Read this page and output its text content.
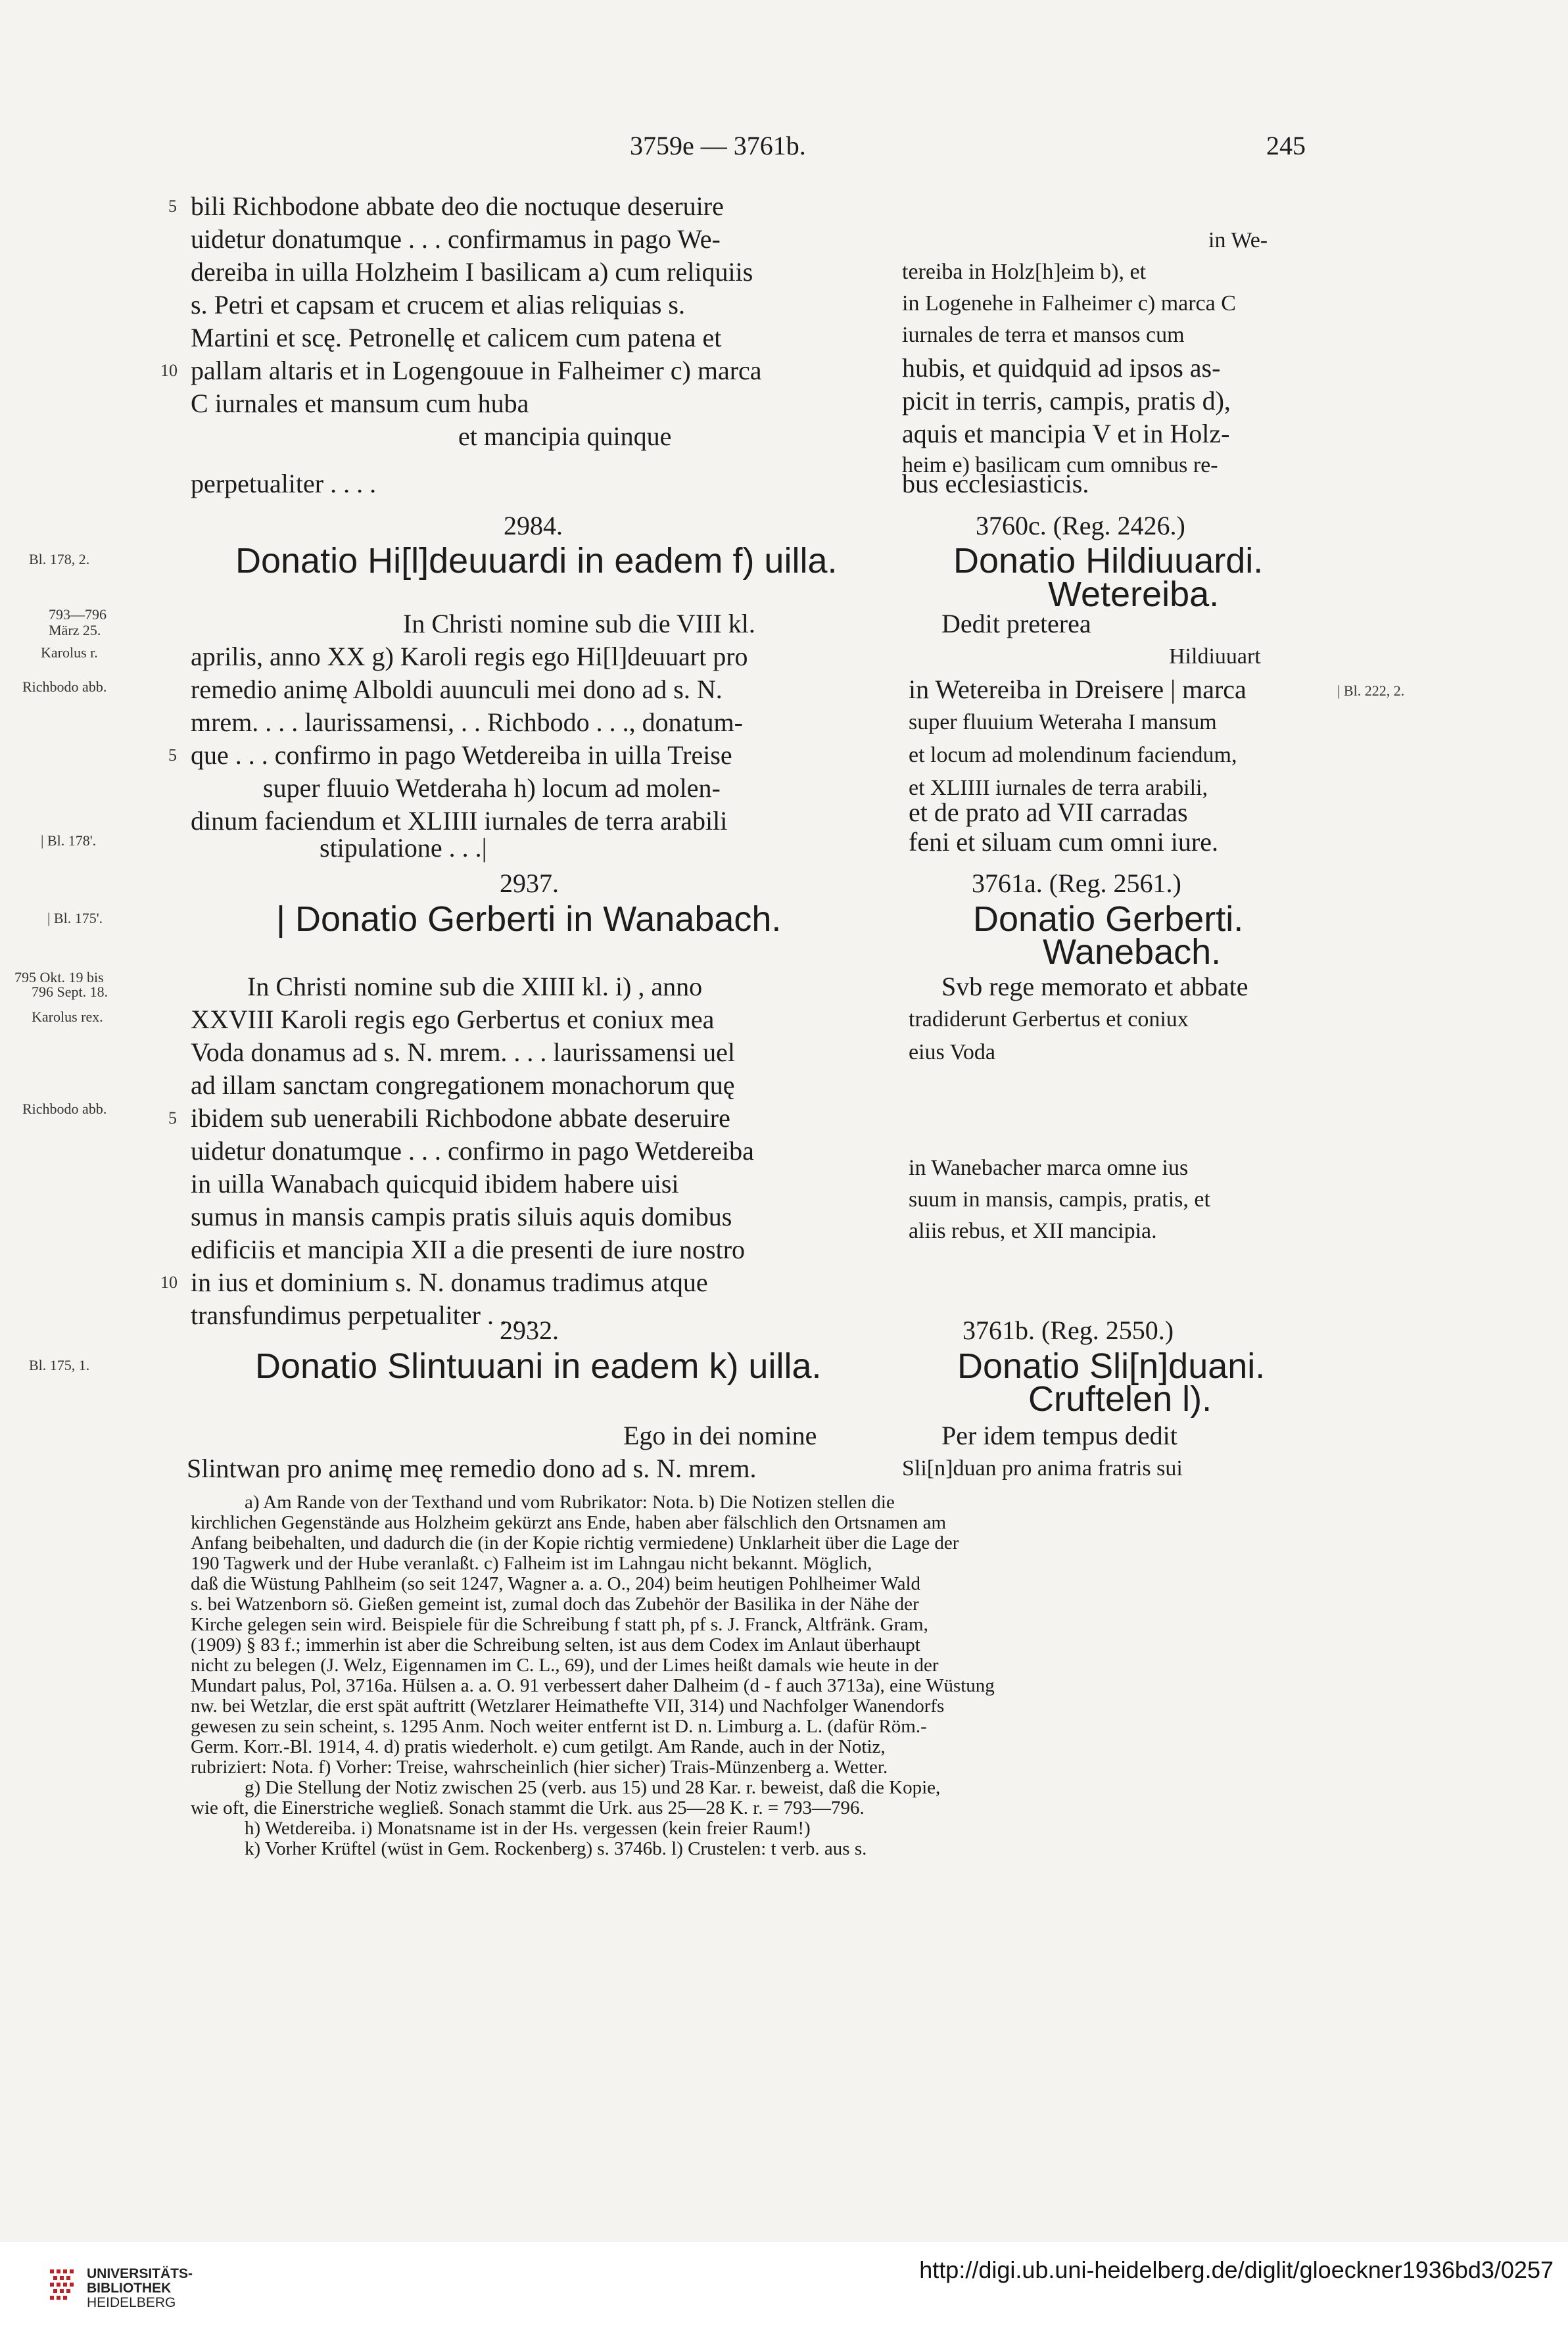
3759e — 3761b.	245
5 bili Richbodone abbate deo die noctuque deseruire
uidetur donatumque . . . confirmamus in pago We-
dereiba in uilla Holzheim I basilicam a) cum reliquiis
s. Petri et capsam et crucem et alias reliquias s.
Martini et scę. Petronellę et calicem cum patena et
10 pallam altaris et in Logengouue in Falheimer c) marca
C iurnales et mansum cum huba
et mancipia quinque
perpetualiter . . . .
2984.
Donatio Hi[l]deuuardi in eadem f) uilla.
Bl. 178, 2.
793—796
März 25.
Karolus r.
Richbodo abb.
| Bl. 178'.
In Christi nomine sub die VIII kl.
aprilis, anno XX g) Karoli regis ego Hi[l]deuuart pro
remedio animę Alboldi auunculi mei dono ad s. N.
mrem. . . . laurissamensi, . . Richbodo . . ., donatum-
5 que . . . confirmo in pago Wetdereiba in uilla Treise
super fluuio Wetderaha h) locum ad molen-
dinum faciendum et XLIIII iurnales de terra arabili
stipulatione . . .|
2937.
| Donatio Gerberti in Wanabach.
| Bl. 175'.
795 Okt. 19 bis
796 Sept. 18.
Karolus rex.
Richbodo abb.
In Christi nomine sub die XIIII kl. i) , anno
XXVIII Karoli regis ego Gerbertus et coniux mea
Voda donamus ad s. N. mrem. . . . laurissamensi uel
ad illam sanctam congregationem monachorum quę
5 ibidem sub uenerabili Richbodone abbate deseruire
uidetur donatumque . . . confirmo in pago Wetdereiba
in uilla Wanabach quicquid ibidem habere uisi
sumus in mansis campis pratis siluis aquis domibus
edificiis et mancipia XII a die presenti de iure nostro
10 in ius et dominium s. N. donamus tradimus atque
transfundimus perpetualiter . . . .
2932.
Donatio Slintuuani in eadem k) uilla.
Bl. 175, 1.
Ego in dei nomine
Slintwan pro animę meę remedio dono ad s. N. mrem.
in We-
tereiba in Holz[h]eim b), et
in Logenehe in Falheimer c) marca C
iurnales de terra et mansos cum
hubis, et quidquid ad ipsos as-
picit in terris, campis, pratis d),
aquis et mancipia V et in Holz-
heim e) basilicam cum omnibus re-
bus ecclesiasticis.
3760c. (Reg. 2426.)
Donatio Hildiuuardi.
Wetereiba.
| Bl. 222, 2.
Dedit preterea
Hildiuuart
in Wetereiba in Dreisere | marca
super fluuium Weteraha I mansum
et locum ad molendinum faciendum,
et XLIIII iurnales de terra arabili,
et de prato ad VII carradas
feni et siluam cum omni iure.
3761a. (Reg. 2561.)
Donatio Gerberti.
Wanebach.
Svb rege memorato et abbate
tradiderunt Gerbertus et coniux
eius Voda
in Wanebacher marca omne ius
suum in mansis, campis, pratis, et
aliis rebus, et XII mancipia.
3761b. (Reg. 2550.)
Donatio Sli[n]duani.
Cruftelen l).
Per idem tempus dedit
Sli[n]duan pro anima fratris sui
a) Am Rande von der Texthand und vom Rubrikator: Nota. b) Die Notizen stellen die
kirchlichen Gegenstände aus Holzheim gekürzt ans Ende, haben aber fälschlich den Ortsnamen am
Anfang beibehalten, und dadurch die (in der Kopie richtig vermiedene) Unklarheit über die Lage der
190 Tagwerk und der Hube veranlaßt. c) Falheim ist im Lahngau nicht bekannt. Möglich,
daß die Wüstung Pahlheim (so seit 1247, Wagner a. a. O., 204) beim heutigen Pohlheimer Wald
s. bei Watzenborn sö. Gießen gemeint ist, zumal doch das Zubehör der Basilika in der Nähe der
Kirche gelegen sein wird. Beispiele für die Schreibung f statt ph, pf s. J. Franck, Altfränk. Gram,
(1909) § 83 f.; immerhin ist aber die Schreibung selten, ist aus dem Codex im Anlaut überhaupt
nicht zu belegen (J. Welz, Eigennamen im C. L., 69), und der Limes heißt damals wie heute in der
Mundart palus, Pol, 3716a. Hülsen a. a. O. 91 verbessert daher Dalheim (d - f auch 3713a), eine Wüstung
nw. bei Wetzlar, die erst spät auftritt (Wetzlarer Heimathefte VII, 314) und Nachfolger Wanendorfs
gewesen zu sein scheint, s. 1295 Anm. Noch weiter entfernt ist D. n. Limburg a. L. (dafür Röm.-
Germ. Korr.-Bl. 1914, 4. d) pratis wiederholt. e) cum getilgt. Am Rande, auch in der Notiz,
rubriziert: Nota. f) Vorher: Treise, wahrscheinlich (hier sicher) Trais-Münzenberg a. Wetter.
g) Die Stellung der Notiz zwischen 25 (verb. aus 15) und 28 Kar. r. beweist, daß die Kopie,
wie oft, die Einerstriche wegließ. Sonach stammt die Urk. aus 25—28 K. r. = 793—796.
h) Wetdereiba. i) Monatsname ist in der Hs. vergessen (kein freier Raum!)
k) Vorher Krüftel (wüst in Gem. Rockenberg) s. 3746b. l) Crustelen: t verb. aus s.
UNIVERSITÄTS-
BIBLIOTHEK
HEIDELBERG
http://digi.ub.uni-heidelberg.de/diglit/gloeckner1936bd3/0257
